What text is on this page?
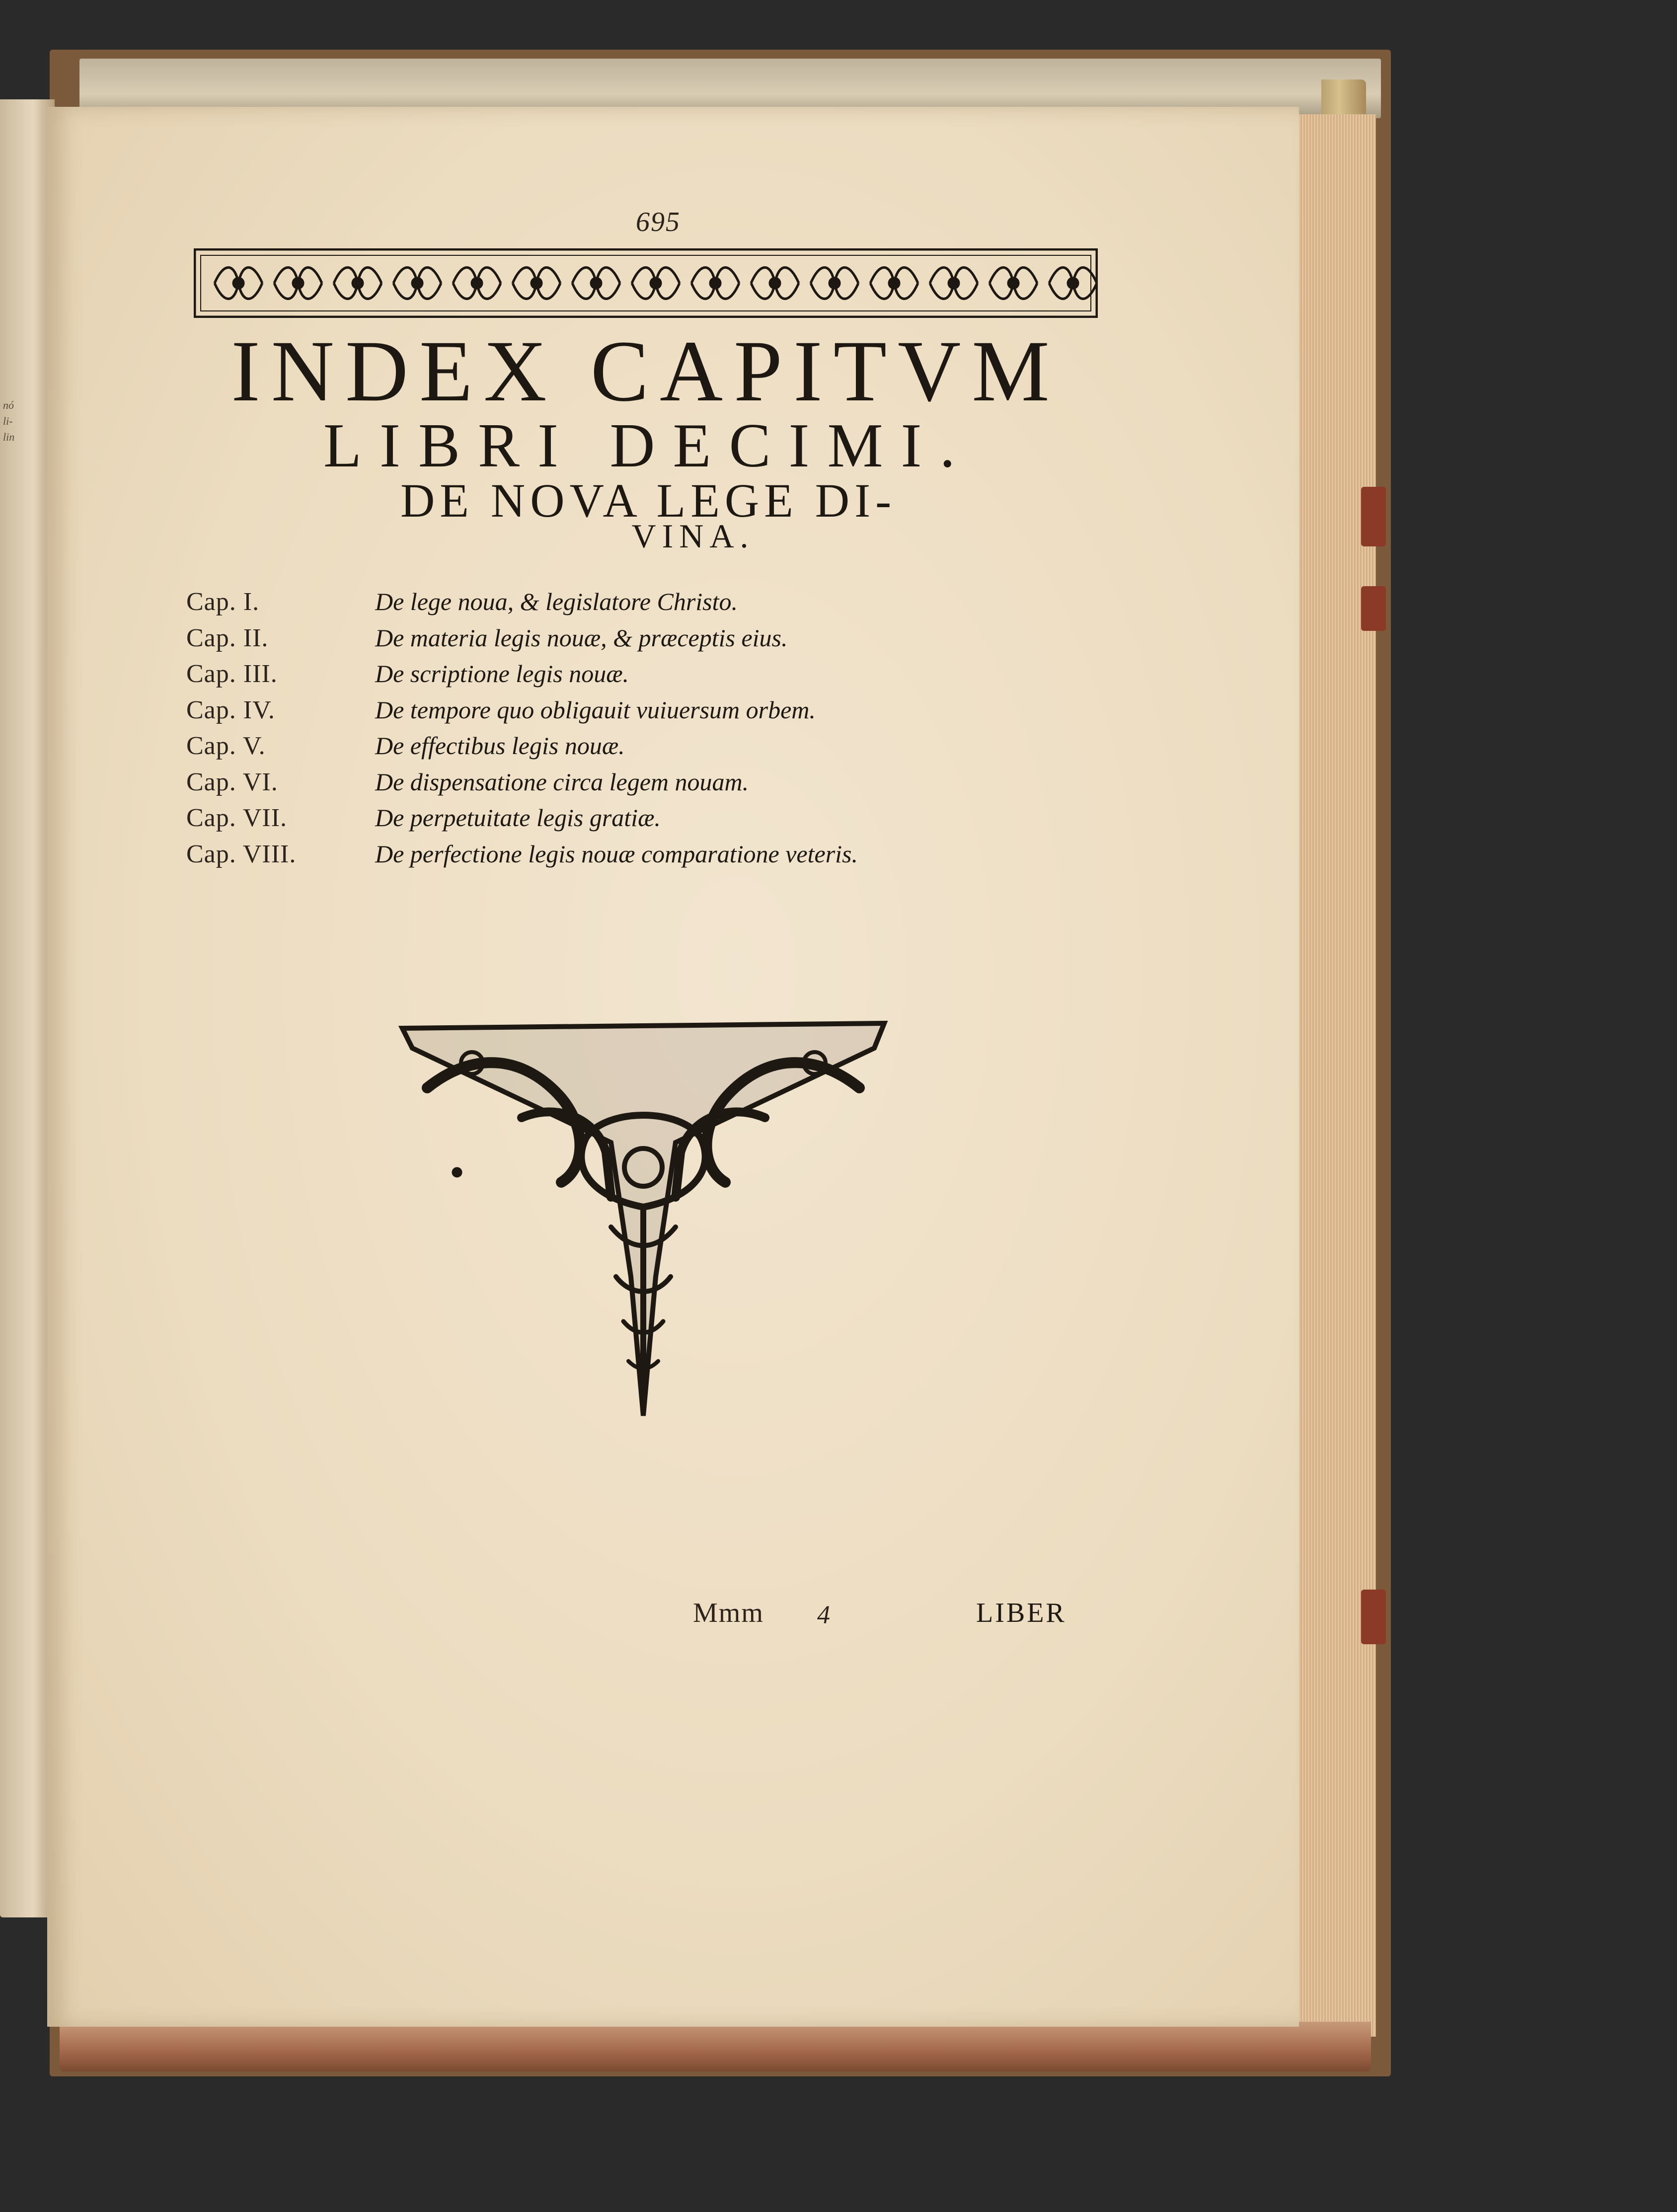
nó
li-
lin
695
INDEX CAPITVM
LIBRI DECIMI.
DE NOVA LEGE DI-
VINA.
Cap. I.	De lege noua, & legislatore Christo.
Cap. II.	De materia legis nouæ, & præceptis eius.
Cap. III.	De scriptione legis nouæ.
Cap. IV.	De tempore quo obligauit vuiuersum orbem.
Cap. V.	De effectibus legis nouæ.
Cap. VI.	De dispensatione circa legem nouam.
Cap. VII.	De perpetuitate legis gratiæ.
Cap. VIII.	De perfectione legis nouæ comparatione veteris.
Mmm 4	LIBER
